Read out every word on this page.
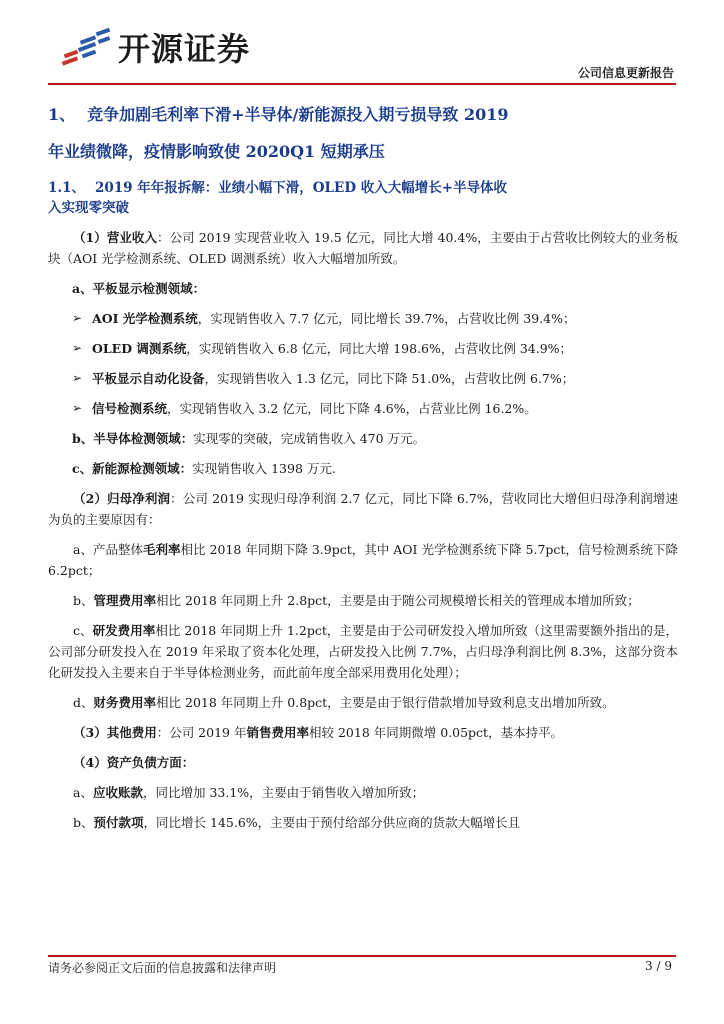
开源证券
公司信息更新报告
1、 竞争加剧毛利率下滑+半导体/新能源投入期亏损导致 2019
年业绩微降，疫情影响致使 2020Q1 短期承压
1.1、 2019 年年报拆解：业绩小幅下滑，OLED 收入大幅增长+半导体收
入实现零突破
（1）营业收入：公司 2019 实现营业收入 19.5 亿元，同比大增 40.4%，主要由于占营收比例较大的业务板块（AOI 光学检测系统、OLED 调测系统）收入大幅增加所致。
a、平板显示检测领域：
➢ AOI 光学检测系统，实现销售收入 7.7 亿元，同比增长 39.7%，占营收比例 39.4%；
➢ OLED 调测系统，实现销售收入 6.8 亿元，同比大增 198.6%，占营收比例 34.9%；
➢ 平板显示自动化设备，实现销售收入 1.3 亿元，同比下降 51.0%，占营收比例 6.7%；
➢ 信号检测系统，实现销售收入 3.2 亿元，同比下降 4.6%，占营业比例 16.2%。
b、半导体检测领域：实现零的突破，完成销售收入 470 万元。
c、新能源检测领域：实现销售收入 1398 万元.
（2）归母净利润：公司 2019 实现归母净利润 2.7 亿元，同比下降 6.7%，营收同比大增但归母净利润增速为负的主要原因有：
a、产品整体毛利率相比 2018 年同期下降 3.9pct，其中 AOI 光学检测系统下降 5.7pct，信号检测系统下降 6.2pct；
b、管理费用率相比 2018 年同期上升 2.8pct，主要是由于随公司规模增长相关的管理成本增加所致；
c、研发费用率相比 2018 年同期上升 1.2pct，主要是由于公司研发投入增加所致（这里需要额外指出的是，公司部分研发投入在 2019 年采取了资本化处理，占研发投入比例 7.7%，占归母净利润比例 8.3%，这部分资本化研发投入主要来自于半导体检测业务，而此前年度全部采用费用化处理）；
d、财务费用率相比 2018 年同期上升 0.8pct，主要是由于银行借款增加导致利息支出增加所致。
（3）其他费用：公司 2019 年销售费用率相较 2018 年同期微增 0.05pct，基本持平。
（4）资产负债方面：
a、应收账款，同比增加 33.1%，主要由于销售收入增加所致；
b、预付款项，同比增长 145.6%，主要由于预付给部分供应商的货款大幅增长且
请务必参阅正文后面的信息披露和法律声明	3 / 9
